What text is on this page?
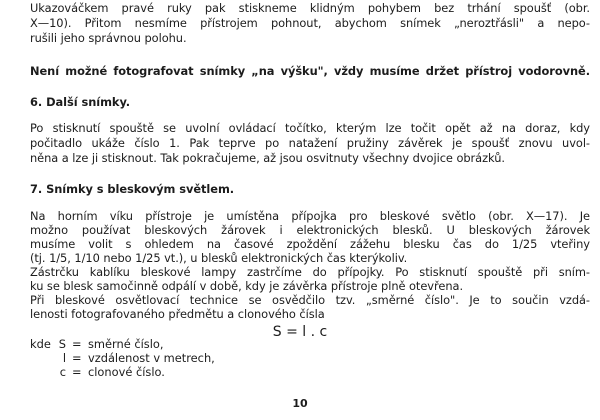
Ukazováčkem pravé ruky pak stiskneme klidným pohybem bez trhání spoušť (obr.
X—10). Přitom nesmíme přístrojem pohnout, abychom snímek „neroztřásli" a nepo-
rušili jeho správnou polohu.
Není možné fotografovat snímky „na výšku", vždy musíme držet přístroj vodorovně.
6. Další snímky.
Po stisknutí spouště se uvolní ovládací točítko, kterým lze točit opět až na doraz, kdy
počitadlo ukáže číslo 1. Pak teprve po natažení pružiny závěrek je spoušť znovu uvol-
něna a lze ji stisknout. Tak pokračujeme, až jsou osvitnuty všechny dvojice obrázků.
7. Snímky s bleskovým světlem.
Na horním víku přístroje je umístěna přípojka pro bleskové světlo (obr. X—17). Je
možno používat bleskových žárovek i elektronických blesků. U bleskových žárovek
musíme volit s ohledem na časové zpoždění zážehu blesku čas do 1/25 vteřiny
(tj. 1/5, 1/10 nebo 1/25 vt.), u blesků elektronických čas kterýkoliv.
Zástrčku kablíku bleskové lampy zastrčíme do přípojky. Po stisknutí spouště při sním-
ku se blesk samočinně odpálí v době, kdy je závěrka přístroje plně otevřena.
Při bleskové osvětlovací technice se osvědčilo tzv. „směrné číslo". Je to součin vzdá-
lenosti fotografovaného předmětu a clonového čísla
S = l . c
kde S = směrné číslo,
l = vzdálenost v metrech,
c = clonové číslo.
10
